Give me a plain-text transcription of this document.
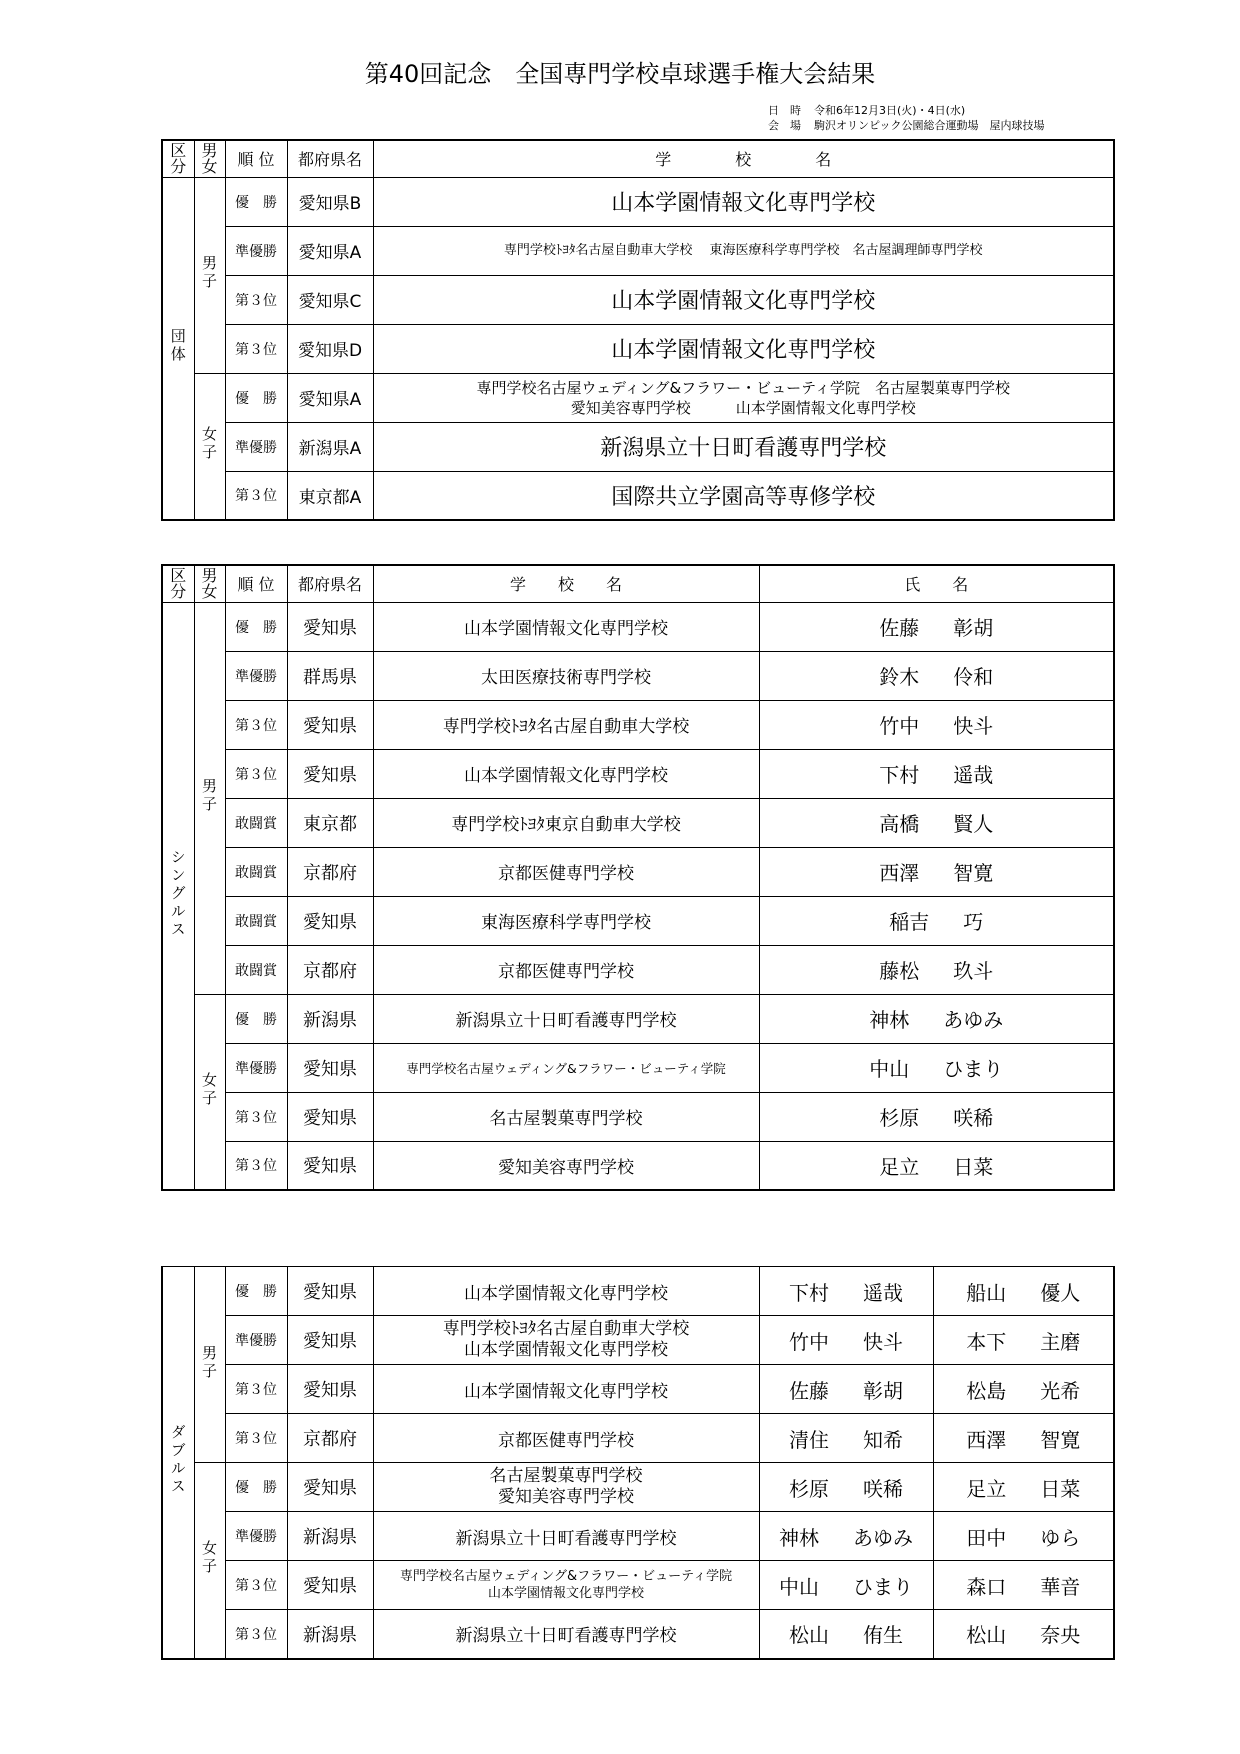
第40回記念　全国専門学校卓球選手権大会結果
日　時 令和6年12月3日(火)・4日(水)
会　場 駒沢オリンピック公園総合運動場　屋内球技場
区分	男女	順 位	都府県名	学　　　　校　　　　名
団体	男子	優　勝	愛知県B	山本学園情報文化専門学校

		準優勝	愛知県A	専門学校ﾄﾖﾀ名古屋自動車大学校　 東海医療科学専門学校　名古屋調理師専門学校

		第３位	愛知県C	山本学園情報文化専門学校

		第３位	愛知県D	山本学園情報文化専門学校

	女子	優　勝	愛知県A	専門学校名古屋ウェディング&フラワー・ビューティ学院　名古屋製菓専門学校
愛知美容専門学校　　　山本学園情報文化専門学校

		準優勝	新潟県A	新潟県立十日町看護専門学校

		第３位	東京都A	国際共立学園高等専修学校
区分	男女	順 位	都府県名	学　　校　　名	氏　　名
シングルス	男子	優　勝	愛知県	山本学園情報文化専門学校	佐藤 彰胡
		準優勝	群馬県	太田医療技術専門学校	鈴木 伶和
		第３位	愛知県	専門学校ﾄﾖﾀ名古屋自動車大学校	竹中 快斗
		第３位	愛知県	山本学園情報文化専門学校	下村 遥哉
		敢闘賞	東京都	専門学校ﾄﾖﾀ東京自動車大学校	高橋 賢人
		敢闘賞	京都府	京都医健専門学校	西澤 智寛
		敢闘賞	愛知県	東海医療科学専門学校	稲吉 巧
		敢闘賞	京都府	京都医健専門学校	藤松 玖斗
	女子	優　勝	新潟県	新潟県立十日町看護専門学校	神林 あゆみ
		準優勝	愛知県	専門学校名古屋ウェディング&フラワー・ビューティ学院	中山 ひまり
		第３位	愛知県	名古屋製菓専門学校	杉原 咲稀
		第３位	愛知県	愛知美容専門学校	足立 日菜
ダブルス	男子	優　勝	愛知県	山本学園情報文化専門学校	下村 遥哉	船山 優人
		準優勝	愛知県	専門学校ﾄﾖﾀ名古屋自動車大学校
山本学園情報文化専門学校	竹中 快斗	本下 主磨
		第３位	愛知県	山本学園情報文化専門学校	佐藤 彰胡	松島 光希
		第３位	京都府	京都医健専門学校	清住 知希	西澤 智寛
	女子	優　勝	愛知県	名古屋製菓専門学校
愛知美容専門学校	杉原 咲稀	足立 日菜
		準優勝	新潟県	新潟県立十日町看護専門学校	神林 あゆみ	田中 ゆら
		第３位	愛知県	専門学校名古屋ウェディング&フラワー・ビューティ学院
山本学園情報文化専門学校	中山 ひまり	森口 華音
		第３位	新潟県	新潟県立十日町看護専門学校	松山 侑生	松山 奈央
